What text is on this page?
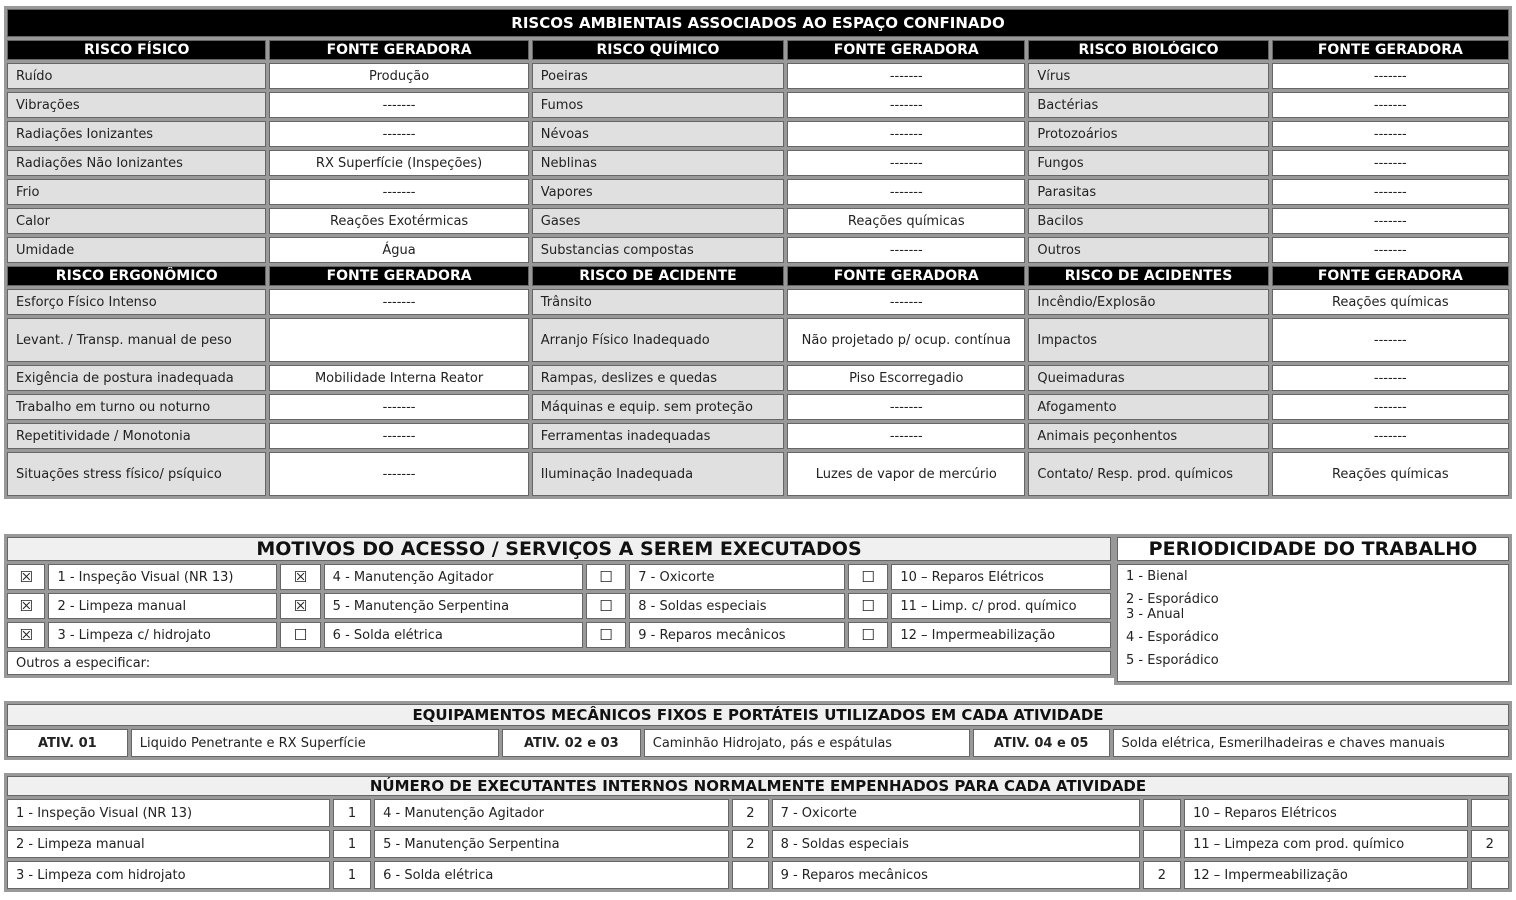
RISCOS AMBIENTAIS ASSOCIADOS AO ESPAÇO CONFINADO					
RISCO FÍSICO	FONTE GERADORA	RISCO QUÍMICO	FONTE GERADORA	RISCO BIOLÓGICO	FONTE GERADORA
Ruído	Produção	Poeiras	-------	Vírus	-------
Vibrações	-------	Fumos	-------	Bactérias	-------
Radiações Ionizantes	-------	Névoas	-------	Protozoários	-------
Radiações Não Ionizantes	RX Superfície (Inspeções)	Neblinas	-------	Fungos	-------
Frio	-------	Vapores	-------	Parasitas	-------
Calor	Reações Exotérmicas	Gases	Reações químicas	Bacilos	-------
Umidade	Água	Substancias compostas	-------	Outros	-------
RISCO ERGONÔMICO	FONTE GERADORA	RISCO DE ACIDENTE	FONTE GERADORA	RISCO DE ACIDENTES	FONTE GERADORA
Esforço Físico Intenso	-------	Trânsito	-------	Incêndio/Explosão	Reações químicas
Levant. / Transp. manual de peso		Arranjo Físico Inadequado	Não projetado p/ ocup. contínua	Impactos	-------
Exigência de postura inadequada	Mobilidade Interna Reator	Rampas, deslizes e quedas	Piso Escorregadio	Queimaduras	-------
Trabalho em turno ou noturno	-------	Máquinas e equip. sem proteção	-------	Afogamento	-------
Repetitividade / Monotonia	-------	Ferramentas inadequadas	-------	Animais peçonhentos	-------
Situações stress físico/ psíquico	-------	Iluminação Inadequada	Luzes de vapor de mercúrio	Contato/ Resp. prod. químicos	Reações químicas
MOTIVOS DO ACESSO / SERVIÇOS A SEREM EXECUTADOS							
☒	1 - Inspeção Visual (NR 13)	☒	4 - Manutenção Agitador	☐	7 - Oxicorte	☐	10 – Reparos Elétricos
☒	2 - Limpeza manual	☒	5 - Manutenção Serpentina	☐	8 - Soldas especiais	☐	11 – Limp. c/ prod. químico
☒	3 - Limpeza c/ hidrojato	☐	6 - Solda elétrica	☐	9 - Reparos mecânicos	☐	12 – Impermeabilização
Outros a especificar:							
PERIODICIDADE DO TRABALHO

1 - Bienal
2 - Esporádico
3 - Anual
4 - Esporádico
5 - Esporádico
EQUIPAMENTOS MECÂNICOS FIXOS E PORTÁTEIS UTILIZADOS EM CADA ATIVIDADE
ATIV. 01	Liquido Penetrante e RX Superfície	ATIV. 02 e 03	Caminhão Hidrojato, pás e espátulas	ATIV. 04 e 05	Solda elétrica, Esmerilhadeiras e chaves manuais
NÚMERO DE EXECUTANTES INTERNOS NORMALMENTE EMPENHADOS PARA CADA ATIVIDADE							
1 - Inspeção Visual (NR 13)	1	4 - Manutenção Agitador	2	7 - Oxicorte		10 – Reparos Elétricos	
2 - Limpeza manual	1	5 - Manutenção Serpentina	2	8 - Soldas especiais		11 – Limpeza com prod. químico	2
3 - Limpeza com hidrojato	1	6 - Solda elétrica		9 - Reparos mecânicos	2	12 – Impermeabilização	
